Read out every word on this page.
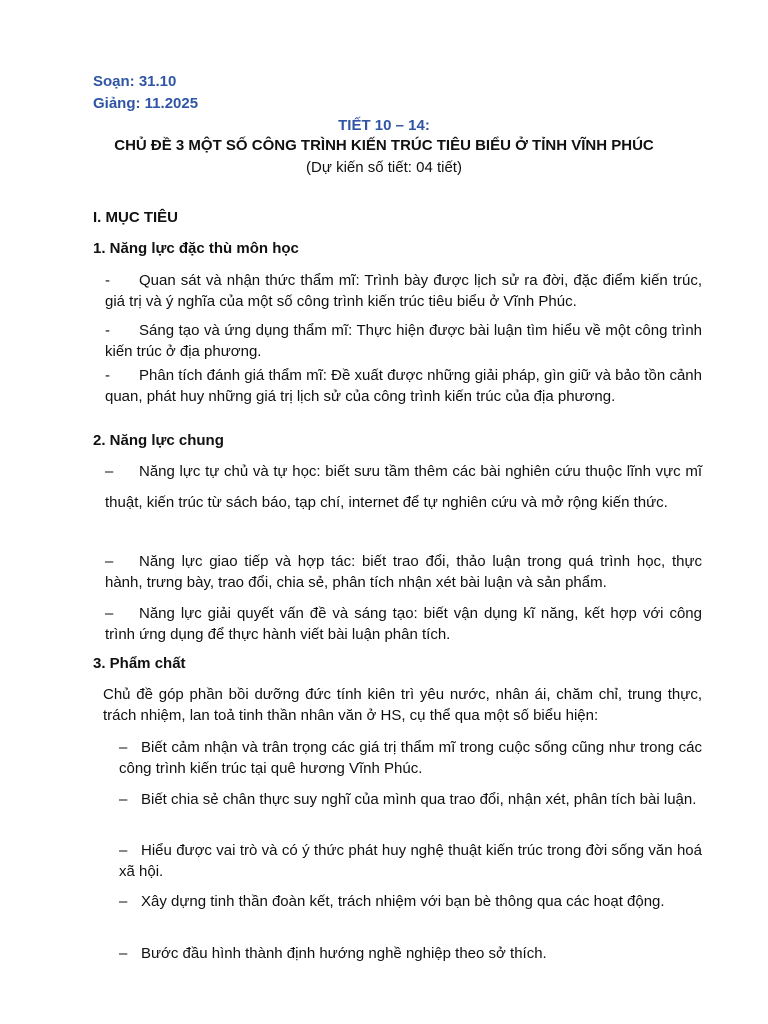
Soạn: 31.10

Giảng: 11.2025

TIẾT 10 – 14:

CHỦ ĐỀ 3 MỘT SỐ CÔNG TRÌNH KIẾN TRÚC TIÊU BIỂU Ở TỈNH VĨNH PHÚC

(Dự kiến số tiết: 04 tiết)

I. MỤC TIÊU

1. Năng lực đặc thù môn học

- Quan sát và nhận thức thẩm mĩ: Trình bày được lịch sử ra đời, đặc điểm kiến trúc, giá trị và ý nghĩa của một số công trình kiến trúc tiêu biểu ở Vĩnh Phúc.

- Sáng tạo và ứng dụng thẩm mĩ: Thực hiện được bài luận tìm hiểu về một công trình kiến trúc ở địa phương.

- Phân tích đánh giá thẩm mĩ: Đề xuất được những giải pháp, gìn giữ và bảo tồn cảnh quan, phát huy những giá trị lịch sử của công trình kiến trúc của địa phương.

2. Năng lực chung

– Năng lực tự chủ và tự học: biết sưu tầm thêm các bài nghiên cứu thuộc lĩnh vực mĩ thuật, kiến trúc từ sách báo, tạp chí, internet để tự nghiên cứu và mở rộng kiến thức.

– Năng lực giao tiếp và hợp tác: biết trao đổi, thảo luận trong quá trình học, thực hành, trưng bày, trao đổi, chia sẻ, phân tích nhận xét bài luận và sản phẩm.

– Năng lực giải quyết vấn đề và sáng tạo: biết vận dụng kĩ năng, kết hợp với công trình ứng dụng để thực hành viết bài luận phân tích.

3. Phẩm chất

Chủ đề góp phần bồi dưỡng đức tính kiên trì yêu nước, nhân ái, chăm chỉ, trung thực, trách nhiệm, lan toả tinh thần nhân văn ở HS, cụ thể qua một số biểu hiện:

– Biết cảm nhận và trân trọng các giá trị thẩm mĩ trong cuộc sống cũng như trong các công trình kiến trúc tại quê hương Vĩnh Phúc.

– Biết chia sẻ chân thực suy nghĩ của mình qua trao đổi, nhận xét, phân tích bài luận.

– Hiểu được vai trò và có ý thức phát huy nghệ thuật kiến trúc trong đời sống văn hoá xã hội.

– Xây dựng tinh thần đoàn kết, trách nhiệm với bạn bè thông qua các hoạt động.

– Bước đầu hình thành định hướng nghề nghiệp theo sở thích.
